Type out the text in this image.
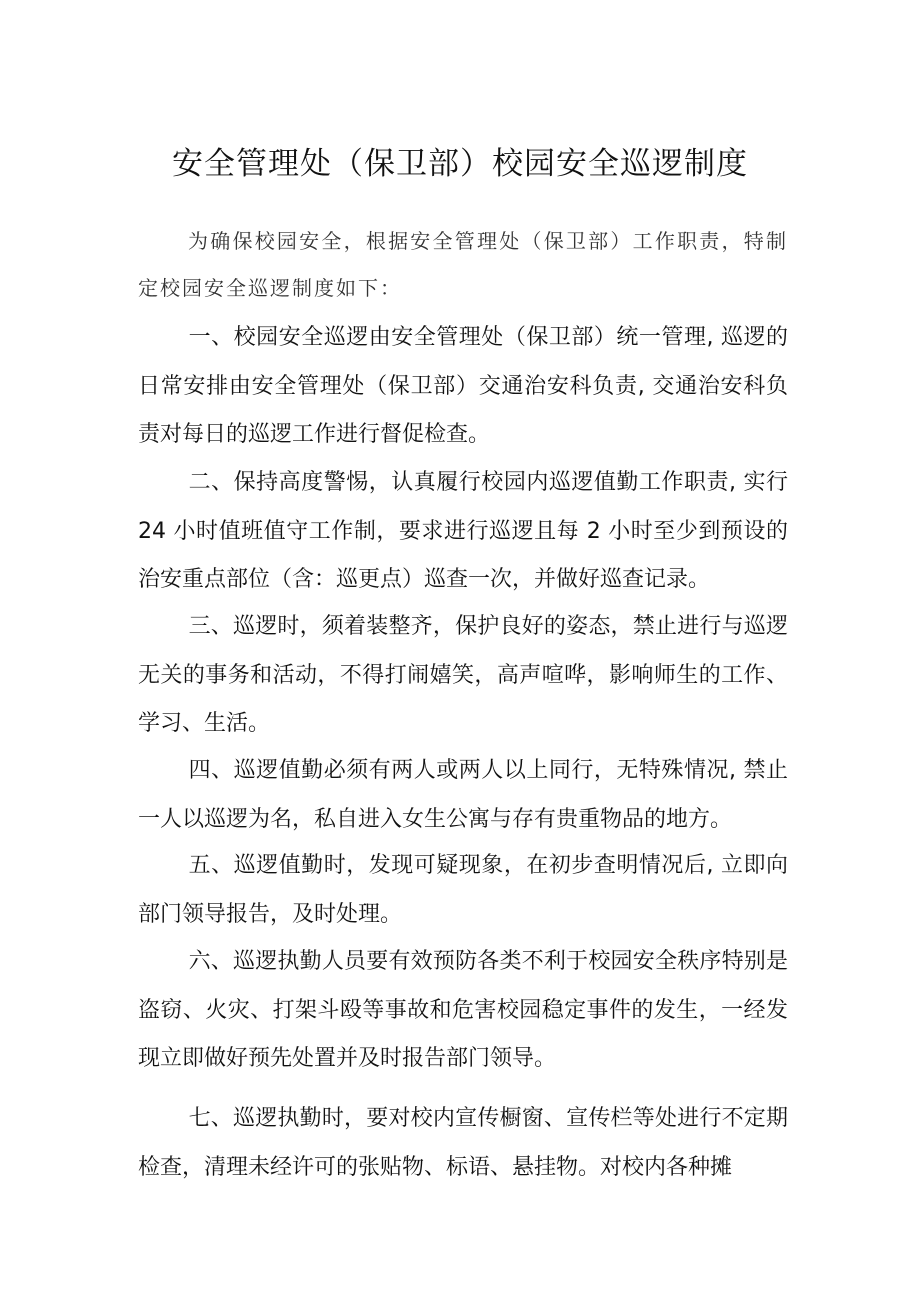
安全管理处（保卫部）校园安全巡逻制度

为确保校园安全，根据安全管理处（保卫部）工作职责，特制定校园安全巡逻制度如下：

一、校园安全巡逻由安全管理处（保卫部）统一管理, 巡逻的日常安排由安全管理处（保卫部）交通治安科负责, 交通治安科负责对每日的巡逻工作进行督促检查。

二、保持高度警惕，认真履行校园内巡逻值勤工作职责, 实行 24 小时值班值守工作制，要求进行巡逻且每 2 小时至少到预设的治安重点部位（含：巡更点）巡查一次，并做好巡查记录。

三、巡逻时，须着装整齐，保护良好的姿态，禁止进行与巡逻无关的事务和活动，不得打闹嬉笑，高声喧哗，影响师生的工作、学习、生活。

四、巡逻值勤必须有两人或两人以上同行，无特殊情况, 禁止一人以巡逻为名，私自进入女生公寓与存有贵重物品的地方。

五、巡逻值勤时，发现可疑现象，在初步查明情况后, 立即向部门领导报告，及时处理。

六、巡逻执勤人员要有效预防各类不利于校园安全秩序特别是盗窃、火灾、打架斗殴等事故和危害校园稳定事件的发生，一经发现立即做好预先处置并及时报告部门领导。

七、巡逻执勤时，要对校内宣传橱窗、宣传栏等处进行不定期检查，清理未经许可的张贴物、标语、悬挂物。对校内各种摊
